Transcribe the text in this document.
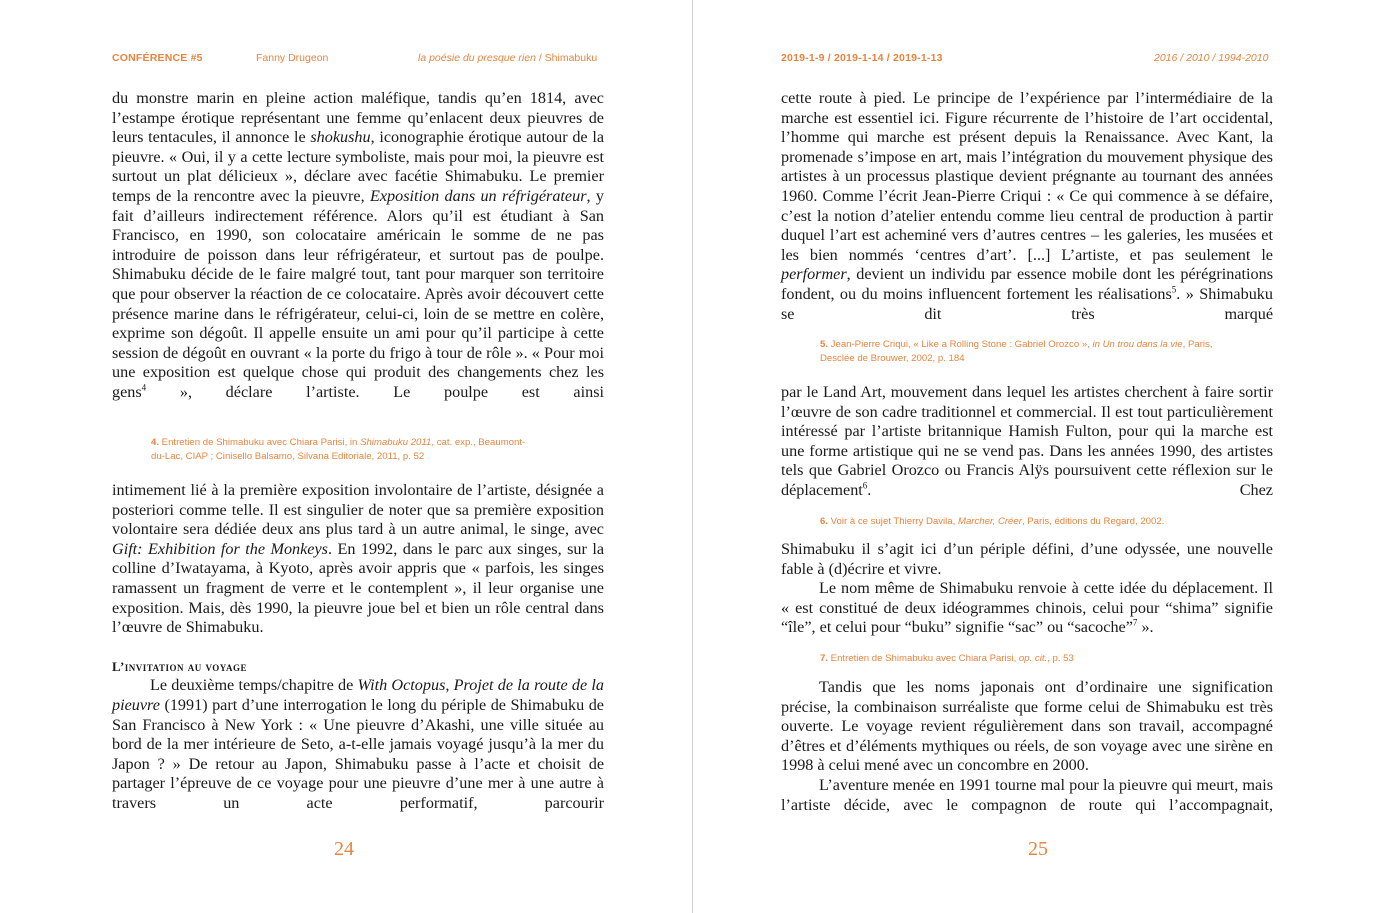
CONFÉRENCE #5	Fanny Drugeon	la poésie du presque rien / Shimabuku

du monstre marin en pleine action maléfique, tandis qu’en 1814, avec l’estampe érotique représentant une femme qu’enlacent deux pieuvres de leurs tentacules, il annonce le shokushu, iconographie érotique autour de la pieuvre. « Oui, il y a cette lecture symboliste, mais pour moi, la pieuvre est surtout un plat délicieux », déclare avec facétie Shimabuku. Le premier temps de la rencontre avec la pieuvre, Exposition dans un réfrigérateur, y fait d’ailleurs indirectement référence. Alors qu’il est étudiant à San Francisco, en 1990, son colocataire américain le somme de ne pas introduire de poisson dans leur réfrigérateur, et surtout pas de poulpe. Shimabuku décide de le faire malgré tout, tant pour marquer son territoire que pour observer la réaction de ce colocataire. Après avoir découvert cette présence marine dans le réfrigérateur, celui-ci, loin de se mettre en colère, exprime son dégoût. Il appelle ensuite un ami pour qu’il participe à cette session de dégoût en ouvrant « la porte du frigo à tour de rôle ». « Pour moi une exposition est quelque chose qui produit des changements chez les gens$^4$ », déclare l’artiste. Le poulpe est ainsi

4. Entretien de Shimabuku avec Chiara Parisi, in Shimabuku 2011, cat. exp., Beaumont-du-Lac, CIAP ; Cinisello Balsamo, Silvana Editoriale, 2011, p. 52

intimement lié à la première exposition involontaire de l’artiste, désignée a posteriori comme telle. Il est singulier de noter que sa première exposition volontaire sera dédiée deux ans plus tard à un autre animal, le singe, avec Gift: Exhibition for the Monkeys. En 1992, dans le parc aux singes, sur la colline d’Iwatayama, à Kyoto, après avoir appris que « parfois, les singes ramassent un fragment de verre et le contemplent », il leur organise une exposition. Mais, dès 1990, la pieuvre joue bel et bien un rôle central dans l’œuvre de Shimabuku.

L’invitation au voyage

Le deuxième temps/chapitre de With Octopus, Projet de la route de la pieuvre (1991) part d’une interrogation le long du périple de Shimabuku de San Francisco à New York : « Une pieuvre d’Akashi, une ville située au bord de la mer intérieure de Seto, a-t-elle jamais voyagé jusqu’à la mer du Japon ? » De retour au Japon, Shimabuku passe à l’acte et choisit de partager l’épreuve de ce voyage pour une pieuvre d’une mer à une autre à travers un acte performatif, parcourir

24
2019-1-9 / 2019-1-14 / 2019-1-13	2016 / 2010 / 1994-2010

cette route à pied. Le principe de l’expérience par l’intermédiaire de la marche est essentiel ici. Figure récurrente de l’histoire de l’art occidental, l’homme qui marche est présent depuis la Renaissance. Avec Kant, la promenade s’impose en art, mais l’intégration du mouvement physique des artistes à un processus plastique devient prégnante au tournant des années 1960. Comme l’écrit Jean-Pierre Criqui : « Ce qui commence à se défaire, c’est la notion d’atelier entendu comme lieu central de production à partir duquel l’art est acheminé vers d’autres centres – les galeries, les musées et les bien nommés ‘centres d’art’. [...] L’artiste, et pas seulement le performer, devient un individu par essence mobile dont les pérégrinations fondent, ou du moins influencent fortement les réalisations$^5$. » Shimabuku se dit très marqué

5. Jean-Pierre Criqui, « Like a Rolling Stone : Gabriel Orozco », in Un trou dans la vie, Paris, Desclée de Brouwer, 2002, p. 184

par le Land Art, mouvement dans lequel les artistes cherchent à faire sortir l’œuvre de son cadre traditionnel et commercial. Il est tout particulièrement intéressé par l’artiste britannique Hamish Fulton, pour qui la marche est une forme artistique qui ne se vend pas. Dans les années 1990, des artistes tels que Gabriel Orozco ou Francis Alÿs poursuivent cette réflexion sur le déplacement$^6$. Chez

6. Voir à ce sujet Thierry Davila, Marcher, Créer, Paris, éditions du Regard, 2002.

Shimabuku il s’agit ici d’un périple défini, d’une odyssée, une nouvelle fable à (d)écrire et vivre.

Le nom même de Shimabuku renvoie à cette idée du déplacement. Il « est constitué de deux idéogrammes chinois, celui pour “shima” signifie “île”, et celui pour “buku” signifie “sac” ou “sacoche”$^7$ ».

7. Entretien de Shimabuku avec Chiara Parisi, op. cit., p. 53

Tandis que les noms japonais ont d’ordinaire une signification précise, la combinaison surréaliste que forme celui de Shimabuku est très ouverte. Le voyage revient régulièrement dans son travail, accompagné d’êtres et d’éléments mythiques ou réels, de son voyage avec une sirène en 1998 à celui mené avec un concombre en 2000.

L’aventure menée en 1991 tourne mal pour la pieuvre qui meurt, mais l’artiste décide, avec le compagnon de route qui l’accompagnait,

25
